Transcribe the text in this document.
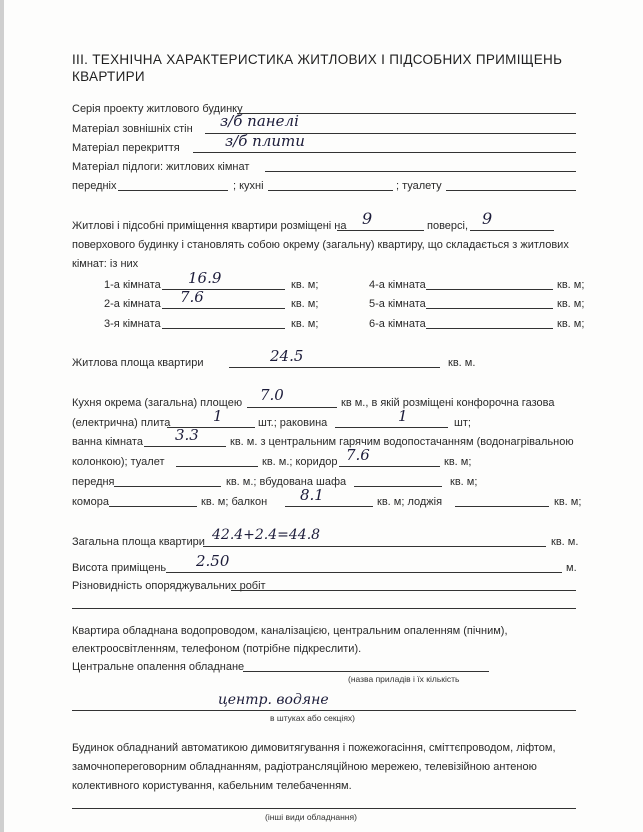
ІІІ. ТЕХНІЧНА ХАРАКТЕРИСТИКА ЖИТЛОВИХ І ПІДСОБНИХ ПРИМІЩЕНЬ
КВАРТИРИ
Серія проекту житлового будинку
Матеріал зовнішніх стін з/б панелі
Матеріал перекриття	з/б плити
Матеріал підлоги: житлових кімнат
передніх	; кухні	; туалету
Житлові і підсобні приміщення квартири розміщені на 9	поверсі, 9
поверхового будинку і становлять собою окрему (загальну) квартиру, що складається з житлових
кімнат: із них
1-а кімната 16.9	кв. м;
2-а кімната 7.6	кв. м;
3-я кімната	кв. м;
4-а кімната	кв. м;
5-а кімната	кв. м;
6-а кімната	кв. м;
Житлова площа квартири	24.5	кв. м.
Кухня окрема (загальна) площею 7.0	кв м., в якій розміщені конфорочна газова
(електрична) плита	1	шт.; раковина	1	шт;
ванна кімната 3.3	кв. м. з центральним гарячим водопостачанням (водонагрівальною
колонкою); туалет	кв. м.; коридор 7.6	кв. м;
передня	кв. м.; вбудована шафа	кв. м;
комора	кв. м; балкон 8.1	кв. м; лоджія	кв. м;
Загальна площа квартири 42.4+2.4=44.8	кв. м.
Висота приміщень 2.50	м.
Різновидність опоряджувальних робіт
Квартира обладнана водопроводом, каналізацією, центральним опаленням (пічним),
електроосвітленням, телефоном (потрібне підкреслити).
Центральне опалення обладнане
(назва приладів і їх кількість
центр. водяне
в штуках або секціях)
Будинок обладнаний автоматикою димовитягування і пожежогасіння, сміттєпроводом, ліфтом,
замочнопереговорним обладнанням, радіотрансляційною мережею, телевізійною антеною
колективного користування, кабельним телебаченням.
(інші види обладнання)
